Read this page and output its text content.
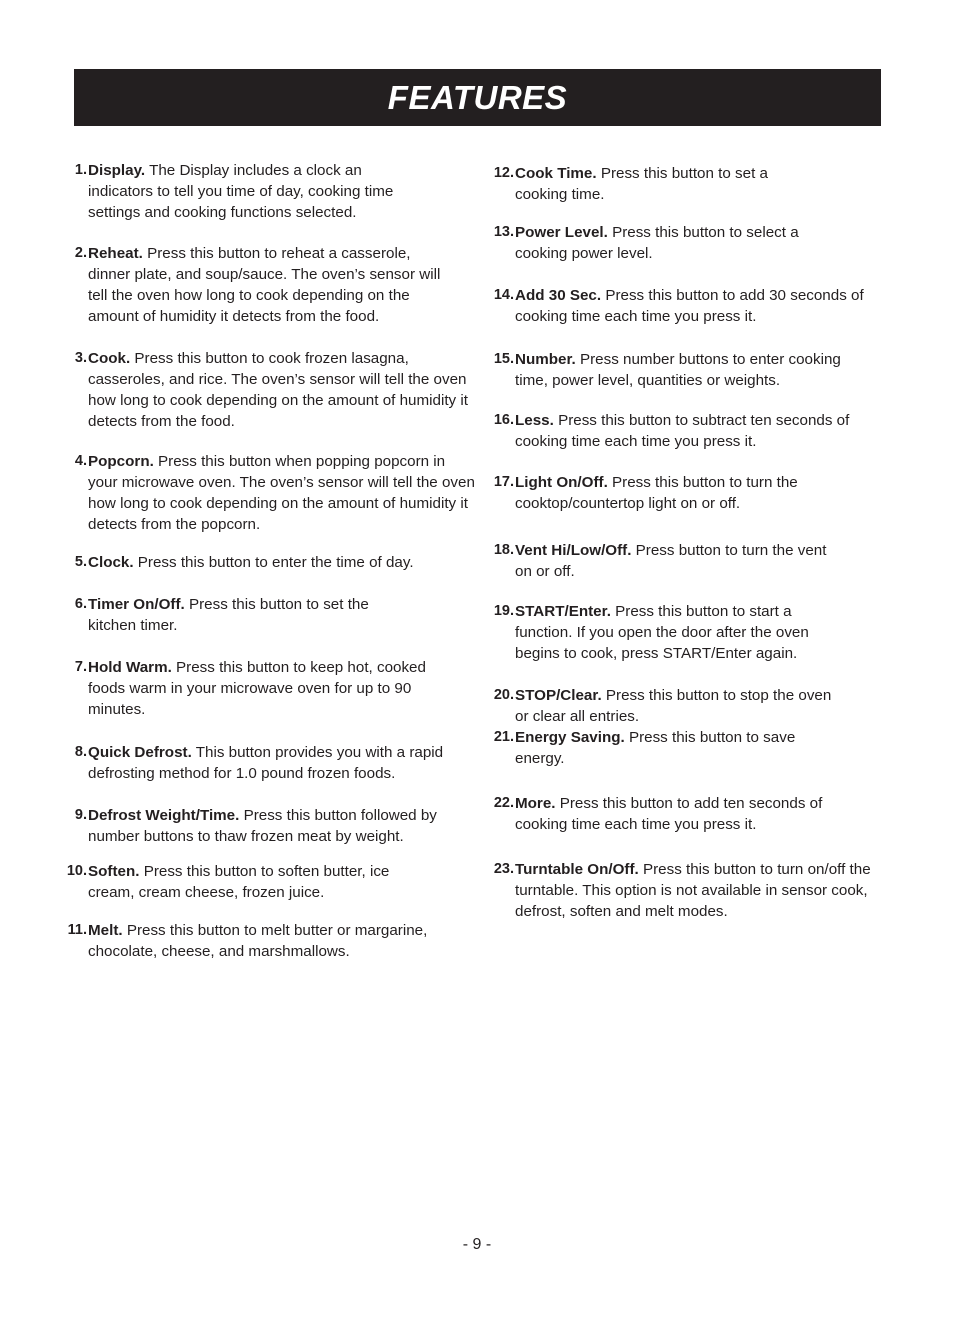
FEATURES
1. Display. The Display includes a clock an indicators to tell you time of day, cooking time settings and cooking functions selected.
2. Reheat. Press this button to reheat a casserole, dinner plate, and soup/sauce. The oven’s sensor will tell the oven how long to cook depending on the amount of humidity it detects from the food.
3. Cook. Press this button to cook frozen lasagna, casseroles, and rice. The oven’s sensor will tell the oven how long to cook depending on the amount of humidity it detects from the food.
4. Popcorn. Press this button when popping popcorn in your microwave oven. The oven’s sensor will tell the oven how long to cook depending on the amount of humidity it detects from the popcorn.
5. Clock. Press this button to enter the time of day.
6. Timer On/Off. Press this button to set the kitchen timer.
7. Hold Warm. Press this button to keep hot, cooked foods warm in your microwave oven for up to 90 minutes.
8. Quick Defrost. This button provides you with a rapid defrosting method for 1.0 pound frozen foods.
9. Defrost Weight/Time. Press this button followed by number buttons to thaw frozen meat by weight.
10. Soften. Press this button to soften butter, ice cream, cream cheese, frozen juice.
11. Melt. Press this button to melt butter or margarine, chocolate, cheese, and marshmallows.
12. Cook Time. Press this button to set a cooking time.
13. Power Level. Press this button to select a cooking power level.
14. Add 30 Sec. Press this button to add 30 seconds of cooking time each time you press it.
15. Number. Press number buttons to enter cooking time, power level, quantities or weights.
16. Less. Press this button to subtract ten seconds of cooking time each time you press it.
17. Light On/Off. Press this button to turn the cooktop/countertop light on or off.
18. Vent Hi/Low/Off. Press button to turn the vent on or off.
19. START/Enter. Press this button to start a function. If you open the door after the oven begins to cook, press START/Enter again.
20. STOP/Clear. Press this button to stop the oven or clear all entries.
21. Energy Saving. Press this button to save energy.
22. More. Press this button to add ten seconds of cooking time each time you press it.
23. Turntable On/Off. Press this button to turn on/off the turntable. This option is not available in sensor cook, defrost, soften and melt modes.
- 9 -
